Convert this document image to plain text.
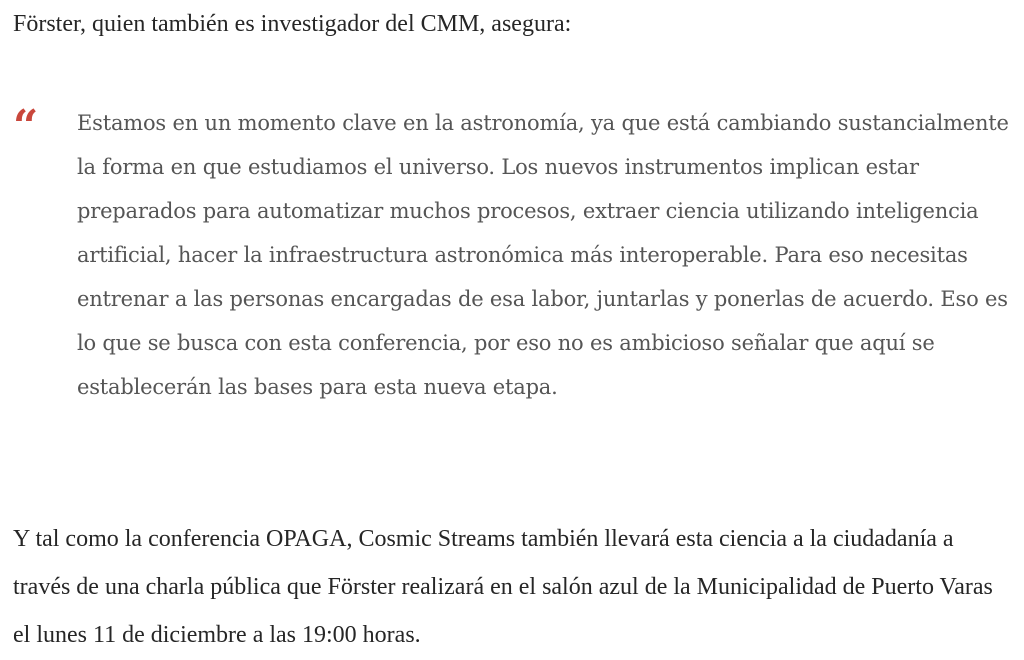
Förster, quien también es investigador del CMM, asegura:

“ Estamos en un momento clave en la astronomía, ya que está cambiando sustancialmente la forma en que estudiamos el universo. Los nuevos instrumentos implican estar preparados para automatizar muchos procesos, extraer ciencia utilizando inteligencia artificial, hacer la infraestructura astronómica más interoperable. Para eso necesitas entrenar a las personas encargadas de esa labor, juntarlas y ponerlas de acuerdo. Eso es lo que se busca con esta conferencia, por eso no es ambicioso señalar que aquí se establecerán las bases para esta nueva etapa.

Y tal como la conferencia OPAGA, Cosmic Streams también llevará esta ciencia a la ciudadanía a través de una charla pública que Förster realizará en el salón azul de la Municipalidad de Puerto Varas el lunes 11 de diciembre a las 19:00 horas.
